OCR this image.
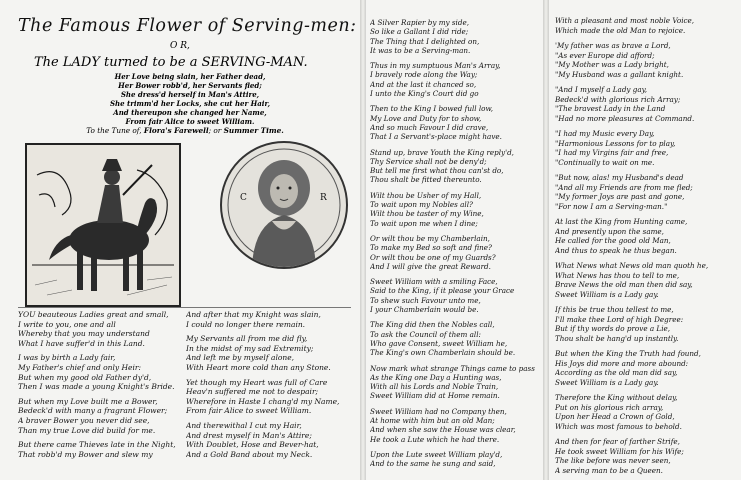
The Famous Flower of Serving-men:
O R,
The LADY turned to be a SERVING-MAN.
Her Love being slain, her Father dead,
Her Bower robb'd, her Servants fled;
She dress'd herself in Man's Attire,
She trimm'd her Locks, she cut her Hair,
And thereupon she changed her Name,
From fair Alice to sweet William.
To the Tune of, Flora's Farewell; or Summer Time.
C	R

YOU beauteous Ladies great and small,

I write to you, one and all

Whereby that you may understand

What I have suffer'd in this Land.

I was by birth a Lady fair,

My Father's chief and only Heir:

But when my good old Father dy'd,

Then I was made a young Knight's Bride.

But when my Love built me a Bower,

Bedeck'd with many a fragrant Flower;

A braver Bower you never did see,

Than my true Love did build for me.

But there came Thieves late in the Night,

That robb'd my Bower and slew my

And after that my Knight was slain,

I could no longer there remain.

My Servants all from me did fly,

In the midst of my sad Extremity;

And left me by myself alone,

With Heart more cold than any Stone.

Yet though my Heart was full of Care

Heav'n suffered me not to despair;

Wherefore in Haste I chang'd my Name,

From fair Alice to sweet William.

And therewithal I cut my Hair,

And drest myself in Man's Attire;

With Doublet, Hose and Bever-hat,

And a Gold Band about my Neck.

A Silver Rapier by my side,

So like a Gallant I did ride;

The Thing that I delighted on,

It was to be a Serving-man.

Thus in my sumptuous Man's Array,

I bravely rode along the Way;

And at the last it chanced so,

I unto the King's Court did go

Then to the King I bowed full low,

My Love and Duty for to show,

And so much Favour I did crave,

That I a Servant's-place might have.

Stand up, brave Youth the King reply'd,

Thy Service shall not be deny'd;

But tell me first what thou can'st do,

Thou shalt be fitted thereunto.

Wilt thou be Usher of my Hall,

To wait upon my Nobles all?

Wilt thou be taster of my Wine,

To wait upon me when I dine;

Or wilt thou be my Chamberlain,

To make my Bed so soft and fine?

Or wilt thou be one of my Guards?

And I will give the great Reward.

Sweet William with a smiling Face,

Said to the King, if it please your Grace

To shew such Favour unto me,

I your Chamberlain would be.

The King did then the Nobles call,

To ask the Council of them all:

Who gave Consent, sweet William he,

The King's own Chamberlain should be.

Now mark what strange Things came to pass

As the King one Day a Hunting was,

With all his Lords and Noble Train,

Sweet William did at Home remain.

Sweet William had no Company then,

At home with him but an old Man;

And when she saw the House was clear,

He took a Lute which he had there.

Upon the Lute sweet William play'd,

And to the same he sung and said,

With a pleasant and most noble Voice,

Which made the old Man to rejoice.

'My father was as brave a Lord,

"As ever Europe did afford;

"My Mother was a Lady bright,

"My Husband was a gallant knight.

"And I myself a Lady gay,

Bedeck'd with glorious rich Array;

"The bravest Lady in the Land

"Had no more pleasures at Command.

"I had my Music every Day,

"Harmonious Lessons for to play,

"I had my Virgins fair and free,

"Continually to wait on me.

"But now, alas! my Husband's dead

"And all my Friends are from me fled;

"My former Joys are past and gone,

"For now I am a Serving-man."

At last the King from Hunting came,

And presently upon the same,

He called for the good old Man,

And thus to speak he thus began.

What News what News old man quoth he,

What News has thou to tell to me,

Brave News the old man then did say,

Sweet William is a Lady gay.

If this be true thou tellest to me,

I'll make thee Lord of high Degree:

But if thy words do prove a Lie,

Thou shalt be hang'd up instantly.

But when the King the Truth had found,

His Joys did more and more abound:

According as the old man did say,

Sweet William is a Lady gay.

Therefore the King without delay,

Put on his glorious rich array,

Upon her Head a Crown of Gold,

Which was most famous to behold.

And then for fear of farther Strife,

He took sweet William for his Wife;

The like before was never seen,

A serving man to be a Queen.
